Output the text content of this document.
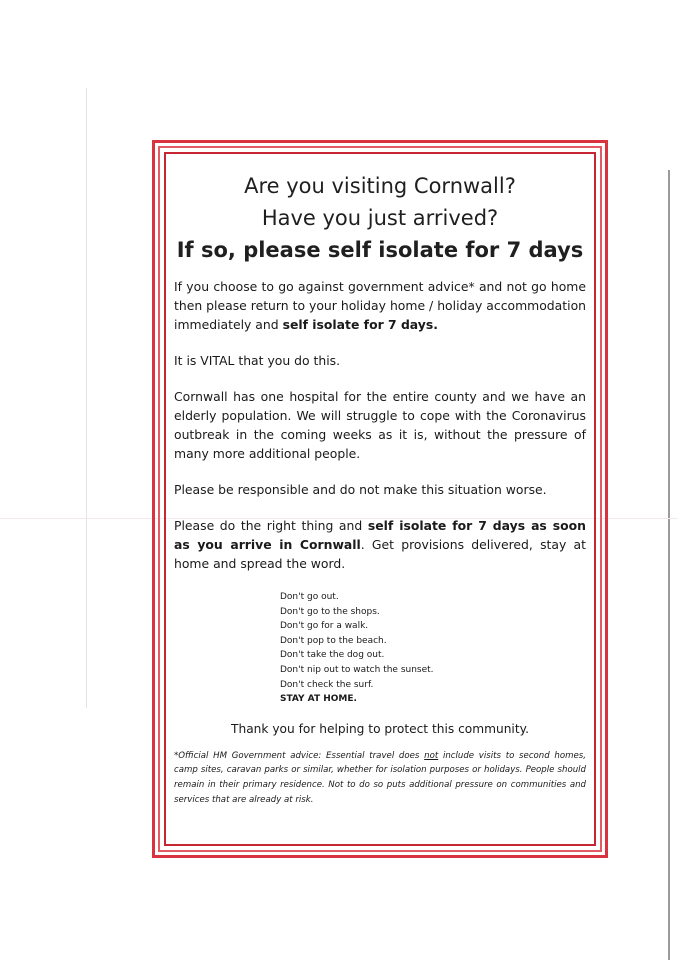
Are you visiting Cornwall?
Have you just arrived?
If so, please self isolate for 7 days

If you choose to go against government advice* and not go home then please return to your holiday home / holiday accommodation immediately and self isolate for 7 days.

It is VITAL that you do this.

Cornwall has one hospital for the entire county and we have an elderly population. We will struggle to cope with the Coronavirus outbreak in the coming weeks as it is, without the pressure of many more additional people.

Please be responsible and do not make this situation worse.

Please do the right thing and self isolate for 7 days as soon as you arrive in Cornwall. Get provisions delivered, stay at home and spread the word.

Don't go out.
Don't go to the shops.
Don't go for a walk.
Don't pop to the beach.
Don't take the dog out.
Don't nip out to watch the sunset.
Don't check the surf.
STAY AT HOME.
Thank you for helping to protect this community.
*Official HM Government advice: Essential travel does not include visits to second homes, camp sites, caravan parks or similar, whether for isolation purposes or holidays. People should remain in their primary residence. Not to do so puts additional pressure on communities and services that are already at risk.
